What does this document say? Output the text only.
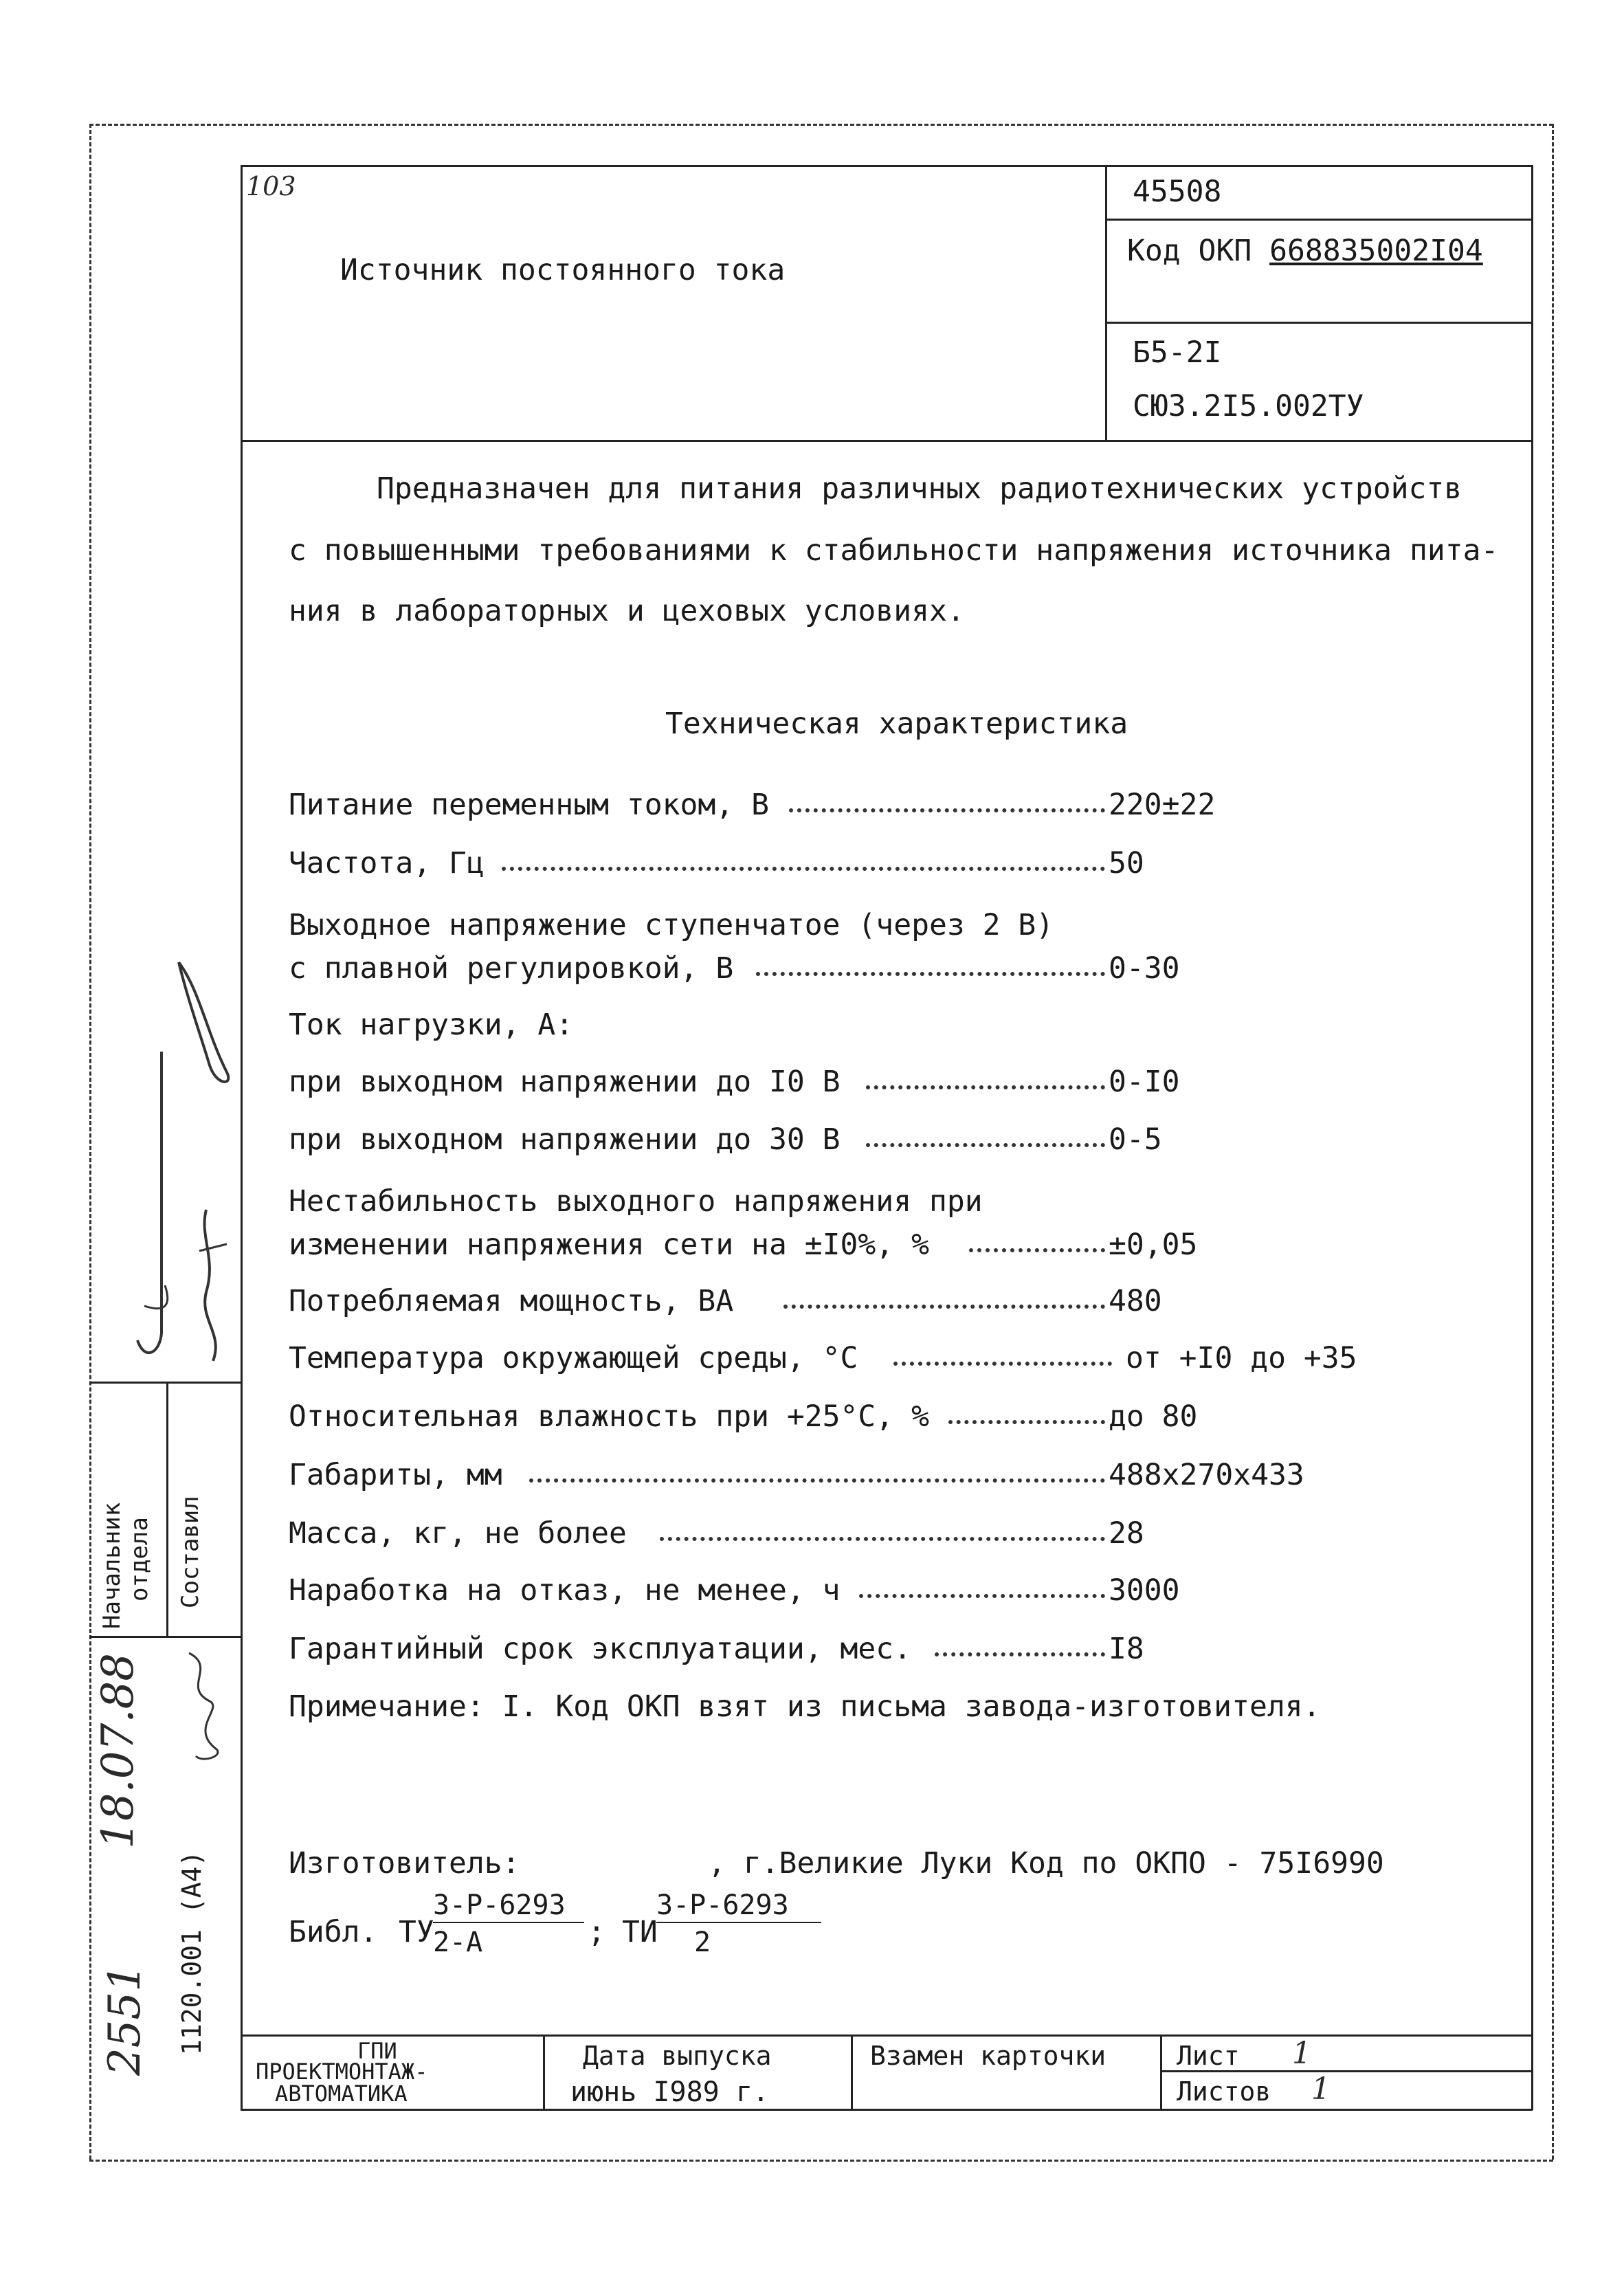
103
Источник постоянного тока
45508
Код ОКП 668835002I04
Б5-2I
СЮ3.2I5.002ТУ
Предназначен для питания различных радиотехнических устройств
с повышенными требованиями к стабильности напряжения источника пита-
ния в лабораторных и цеховых условиях.
Техническая характеристика
Питание переменным током, В	220±22
Частота, Гц	50
Выходное напряжение ступенчатое (через 2 В)
с плавной регулировкой, В	0-30
Ток нагрузки, А:
при выходном напряжении до I0 В	0-I0
при выходном напряжении до 30 В	0-5
Нестабильность выходного напряжения при
изменении напряжения сети на ±I0%, %	±0,05
Потребляемая мощность, ВА	480
Температура окружающей среды, °С	от +I0 до +35
Относительная влажность при +25°С, %	до 80
Габариты, мм	488x270x433
Масса, кг, не более	28
Наработка на отказ, не менее, ч	3000
Гарантийный срок эксплуатации, мес.	I8
Примечание: I. Код ОКП взят из письма завода-изготовителя.
Изготовитель:	, г.Великие Луки Код по ОКПО - 75I6990
Библ. ТУ
3-Р-6293
2-А	; ТИ
3-Р-6293
2
ГПИ
ПРОЕКТМОНТАЖ-
АВТОМАТИКА
Дата выпуска
июнь I989 г.
Взамен карточки	Лист 1
Листов 1
Начальник отдела Составил
18.07.88
1120.001 (А4)
2551
